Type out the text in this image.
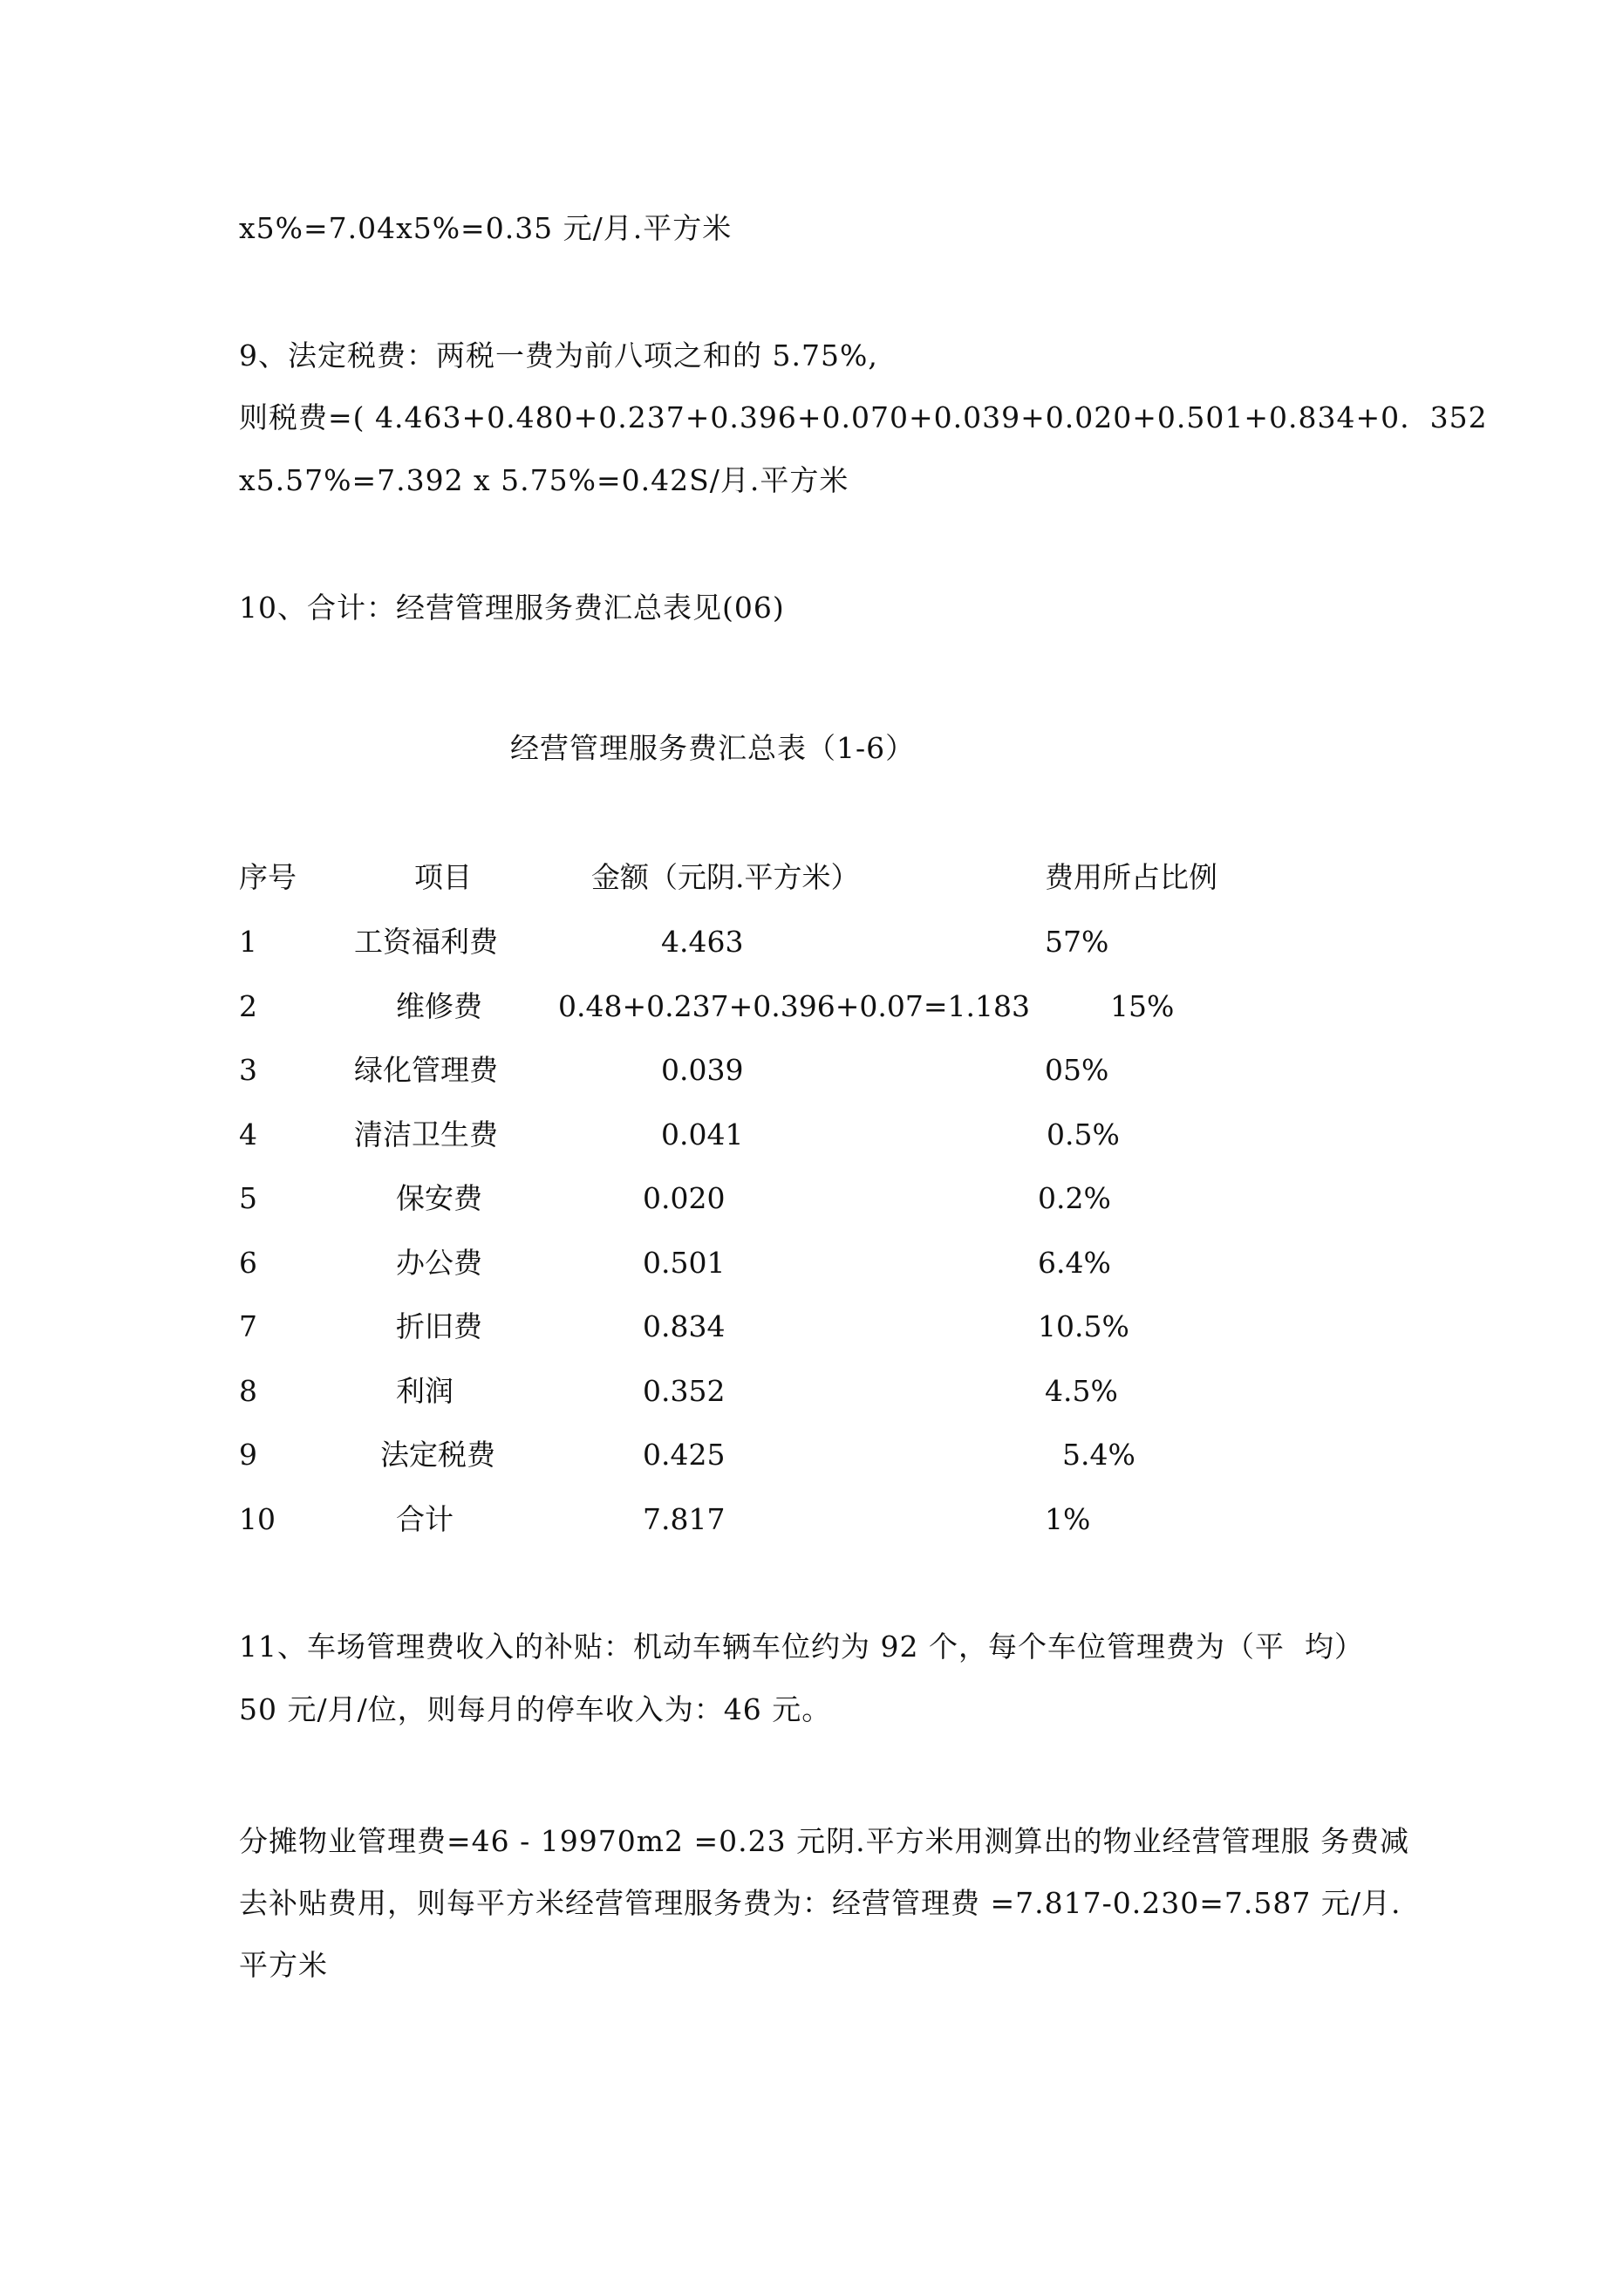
x5%=7.04x5%=0.35 元/月.平方米
9、法定税费：两税一费为前八项之和的 5.75%,
则税费=( 4.463+0.480+0.237+0.396+0.070+0.039+0.020+0.501+0.834+0.  352
x5.57%=7.392 x 5.75%=0.42S/月.平方米
10、合计：经营管理服务费汇总表见(06)
经营管理服务费汇总表（1-6）
序号	项目	金额（元阴.平方米）	费用所占比例
1	工资福利费	4.463	57%
2	维修费	0.48+0.237+0.396+0.07=1.183	15%
3	绿化管理费	0.039	05%
4	清洁卫生费	0.041	0.5%
5	保安费	0.020	0.2%
6	办公费	0.501	6.4%
7	折旧费	0.834	10.5%
8	利润	0.352	4.5%
9	法定税费	0.425	5.4%
10	合计	7.817	1%
11、车场管理费收入的补贴：机动车辆车位约为 92 个，每个车位管理费为（平  均）
50 元/月/位，则每月的停车收入为：46 元。
分摊物业管理费=46 - 19970m2 =0.23 元阴.平方米用测算出的物业经营管理服 务费减
去补贴费用，则每平方米经营管理服务费为：经营管理费 =7.817-0.230=7.587 元/月.
平方米
